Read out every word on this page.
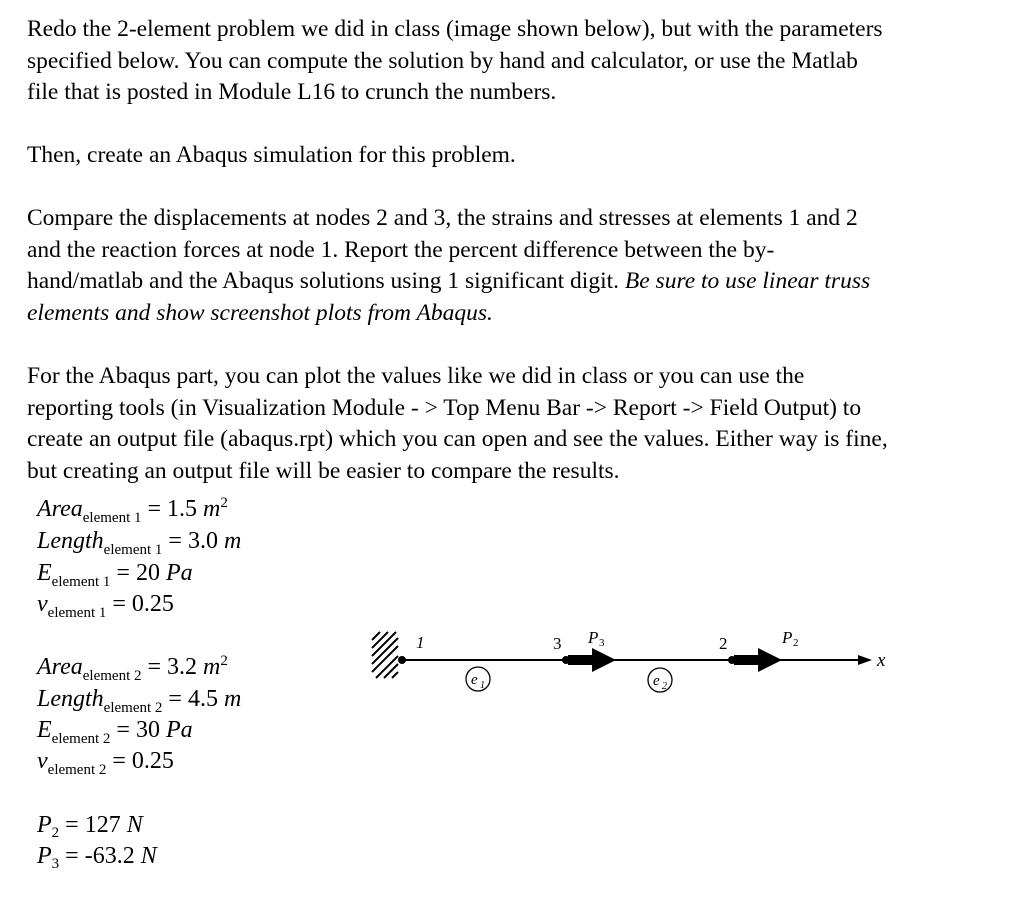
Redo the 2-element problem we did in class (image shown below), but with the parameters
specified below. You can compute the solution by hand and calculator, or use the Matlab
file that is posted in Module L16 to crunch the numbers.
Then, create an Abaqus simulation for this problem.
Compare the displacements at nodes 2 and 3, the strains and stresses at elements 1 and 2
and the reaction forces at node 1. Report the percent difference between the by-
hand/matlab and the Abaqus solutions using 1 significant digit. Be sure to use linear truss
elements and show screenshot plots from Abaqus.
For the Abaqus part, you can plot the values like we did in class or you can use the
reporting tools (in Visualization Module - > Top Menu Bar -> Report -> Field Output) to
create an output file (abaqus.rpt) which you can open and see the values. Either way is fine,
but creating an output file will be easier to compare the results.
Area$_{element 1}$ = 1.5 $m^2$
Length$_{element 1}$ = 3.0 m
$E_{element 1} = 20$ Pa
$v_{element 1} = 0.25$
Area$_{element 2}$ = 3.2 $m^2$
Length$_{element 2}$ = 4.5 m
$E_{element 2} = 30$ Pa
$v_{element 2} = 0.25$
$P_2 = 127$ N
$P_3 = -63.2$ N
1	3	2
e 1	e 2
P 3	P 2
x
